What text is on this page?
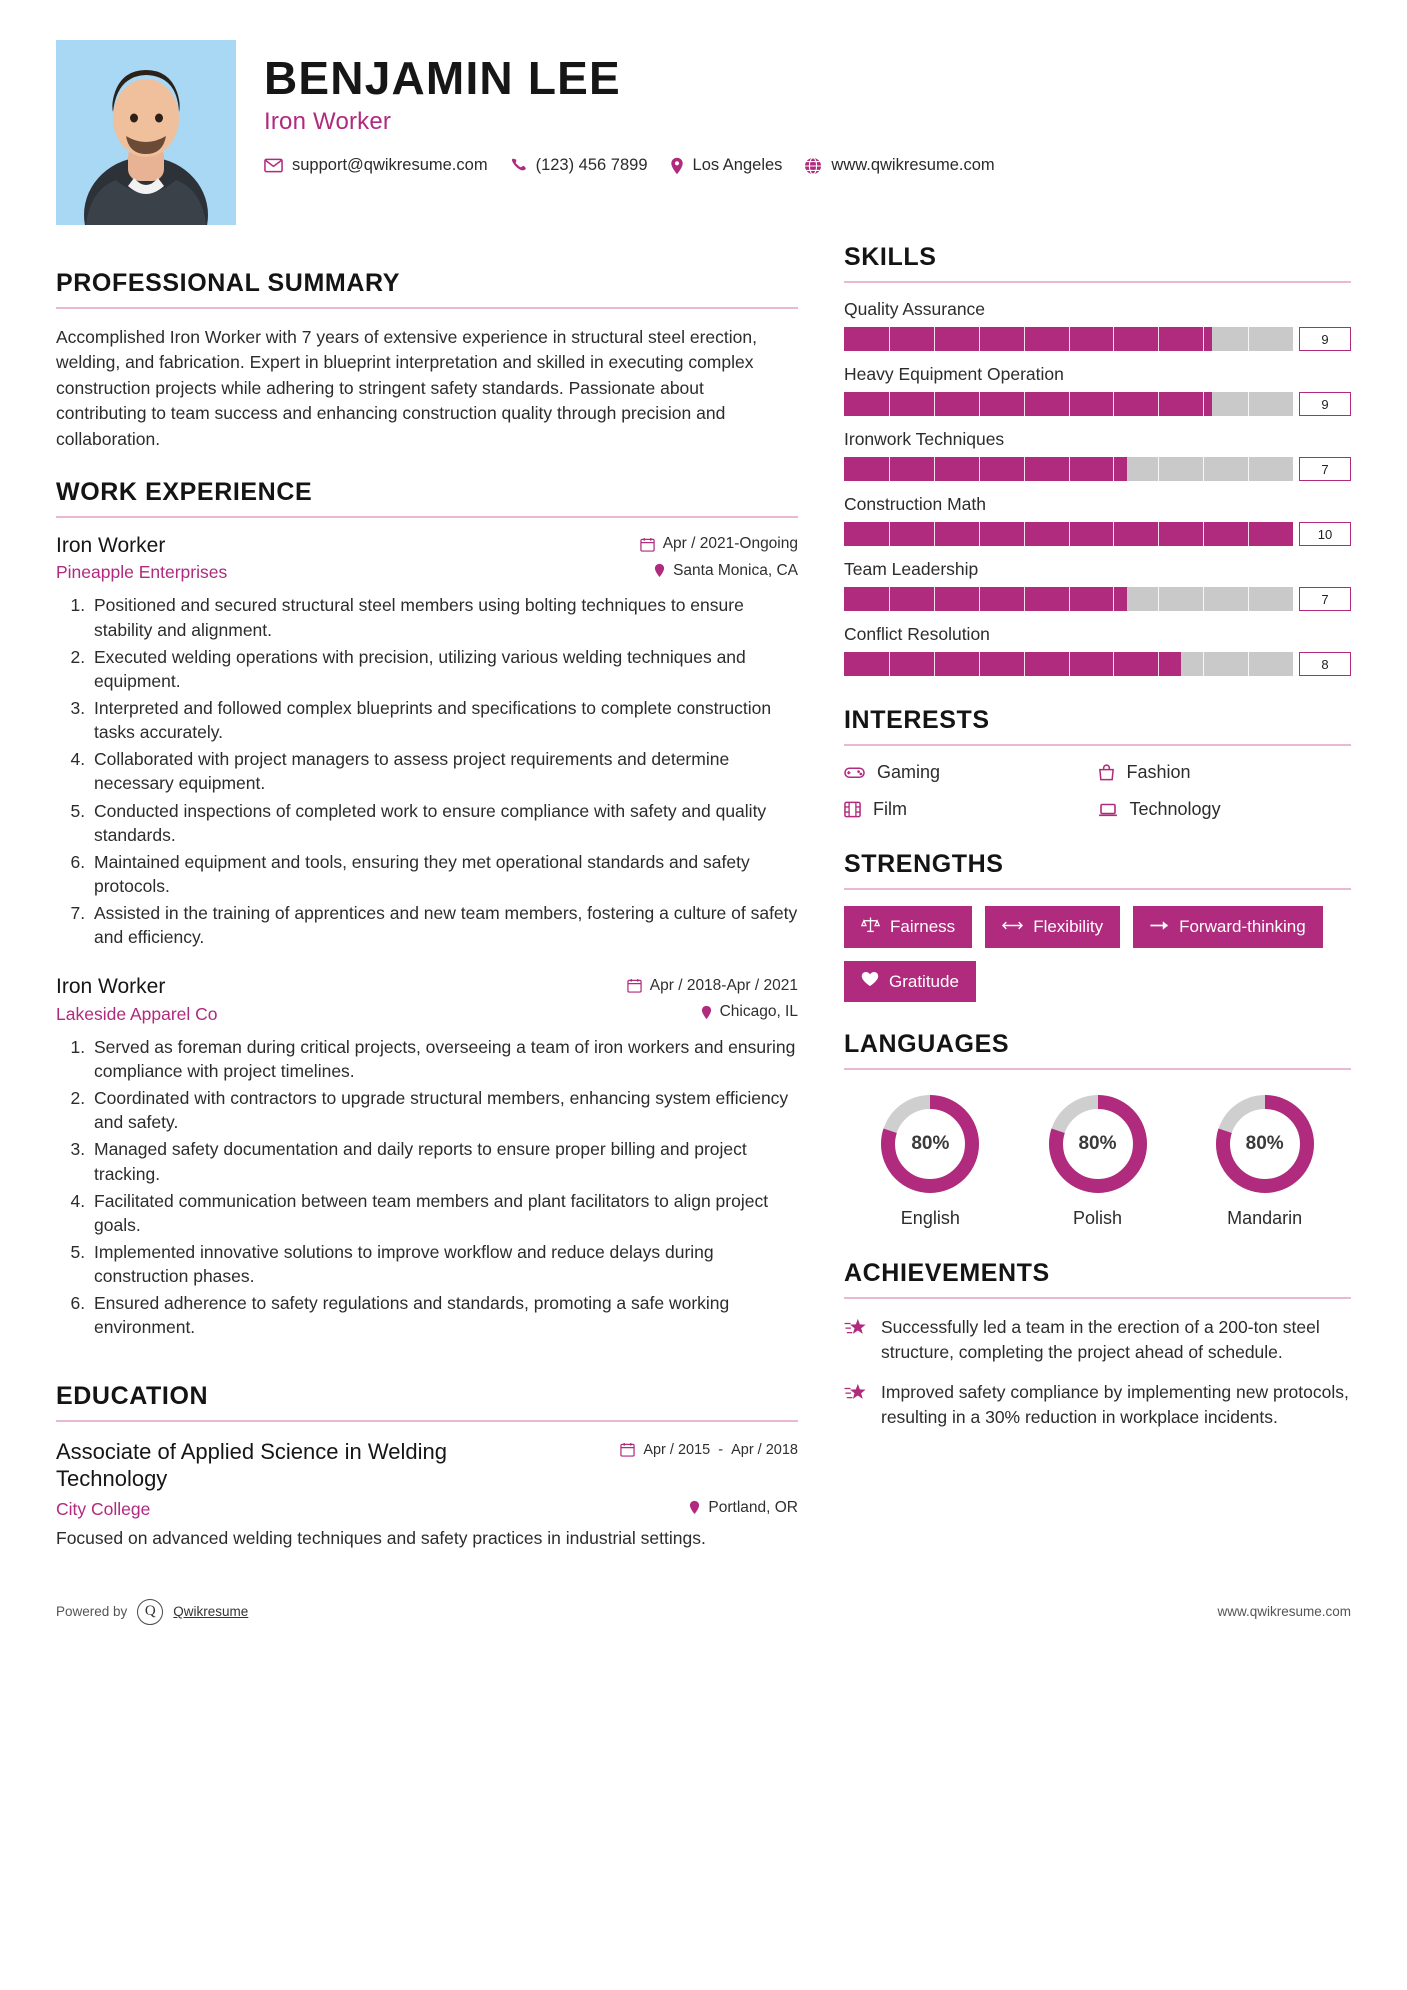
BENJAMIN LEE
Iron Worker
support@qwikresume.com	(123) 456 7899	Los Angeles	www.qwikresume.com
PROFESSIONAL SUMMARY

Accomplished Iron Worker with 7 years of extensive experience in structural steel erection, welding, and fabrication. Expert in blueprint interpretation and skilled in executing complex construction projects while adhering to stringent safety standards. Passionate about contributing to team success and enhancing construction quality through precision and collaboration.

WORK EXPERIENCE
Iron Worker	Apr / 2021-Ongoing
Pineapple Enterprises	Santa Monica, CA
1. Positioned and secured structural steel members using bolting techniques to ensure stability and alignment.
2. Executed welding operations with precision, utilizing various welding techniques and equipment.
3. Interpreted and followed complex blueprints and specifications to complete construction tasks accurately.
4. Collaborated with project managers to assess project requirements and determine necessary equipment.
5. Conducted inspections of completed work to ensure compliance with safety and quality standards.
6. Maintained equipment and tools, ensuring they met operational standards and safety protocols.
7. Assisted in the training of apprentices and new team members, fostering a culture of safety and efficiency.
Iron Worker	Apr / 2018-Apr / 2021
Lakeside Apparel Co	Chicago, IL
1. Served as foreman during critical projects, overseeing a team of iron workers and ensuring compliance with project timelines.
2. Coordinated with contractors to upgrade structural members, enhancing system efficiency and safety.
3. Managed safety documentation and daily reports to ensure proper billing and project tracking.
4. Facilitated communication between team members and plant facilitators to align project goals.
5. Implemented innovative solutions to improve workflow and reduce delays during construction phases.
6. Ensured adherence to safety regulations and standards, promoting a safe working environment.
EDUCATION
Associate of Applied Science in Welding Technology
Apr / 2015 - Apr / 2018
City College	Portland, OR

Focused on advanced welding techniques and safety practices in industrial settings.

SKILLS
Quality Assurance
9
Heavy Equipment Operation
9
Ironwork Techniques
7
Construction Math
10
Team Leadership
7
Conflict Resolution
8
INTERESTS
Gaming	Fashion
Film	Technology
STRENGTHS
Fairness	Flexibility	Forward-thinking
Gratitude
LANGUAGES
80%
English
80%
Polish
80%
Mandarin
ACHIEVEMENTS

Successfully led a team in the erection of a 200-ton steel structure, completing the project ahead of schedule.

Improved safety compliance by implementing new protocols, resulting in a 30% reduction in workplace incidents.

Powered by	Q	Qwikresume	www.qwikresume.com
